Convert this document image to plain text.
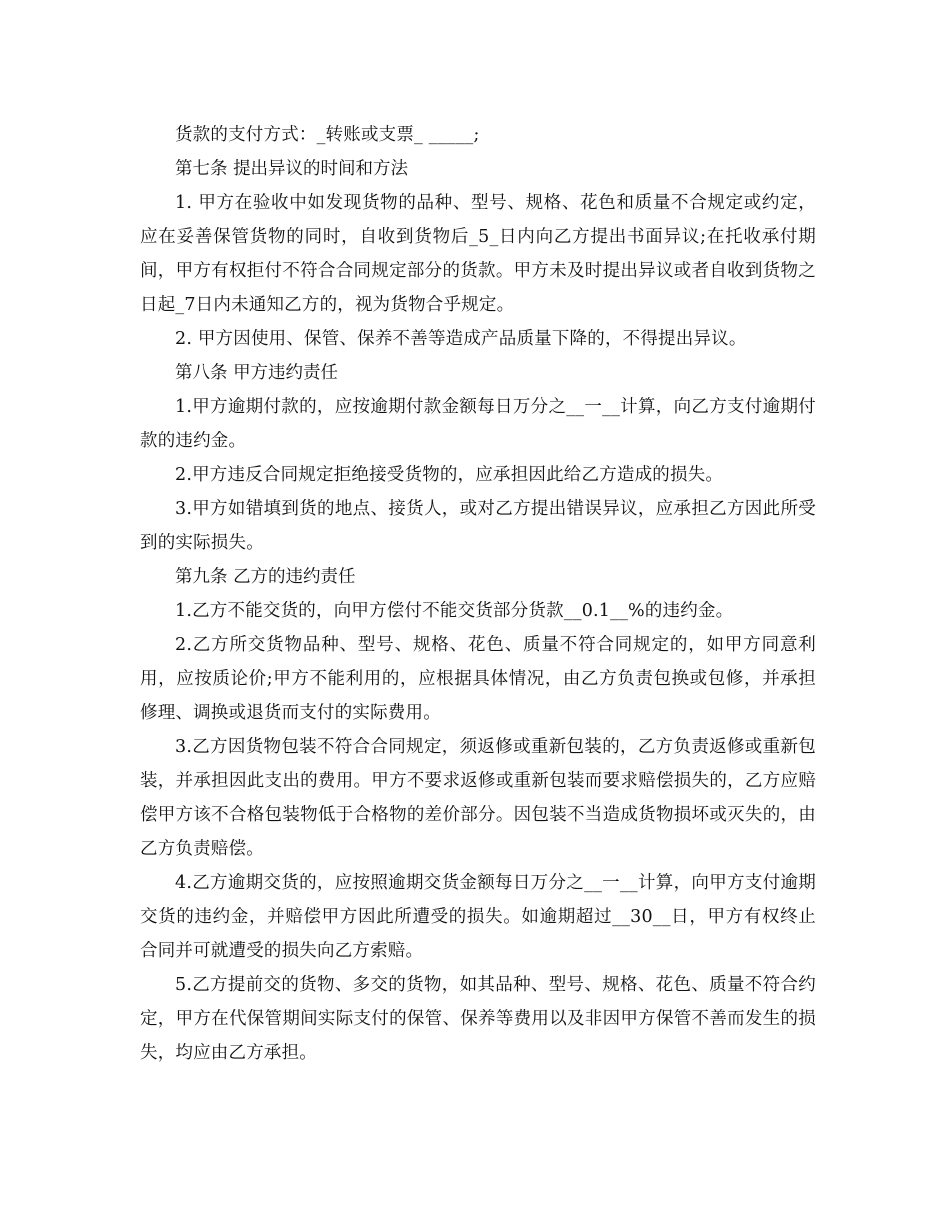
货款的支付方式：_转账或支票_ _____;

第七条 提出异议的时间和方法

1. 甲方在验收中如发现货物的品种、型号、规格、花色和质量不合规定或约定，应在妥善保管货物的同时，自收到货物后_5_日内向乙方提出书面异议;在托收承付期间，甲方有权拒付不符合合同规定部分的货款。甲方未及时提出异议或者自收到货物之日起_7日内未通知乙方的，视为货物合乎规定。

2. 甲方因使用、保管、保养不善等造成产品质量下降的，不得提出异议。

第八条 甲方违约责任

1.甲方逾期付款的，应按逾期付款金额每日万分之__一__计算，向乙方支付逾期付款的违约金。

2.甲方违反合同规定拒绝接受货物的，应承担因此给乙方造成的损失。

3.甲方如错填到货的地点、接货人，或对乙方提出错误异议，应承担乙方因此所受到的实际损失。

第九条 乙方的违约责任

1.乙方不能交货的，向甲方偿付不能交货部分货款__0.1__%的违约金。

2.乙方所交货物品种、型号、规格、花色、质量不符合同规定的，如甲方同意利用，应按质论价;甲方不能利用的，应根据具体情况，由乙方负责包换或包修，并承担修理、调换或退货而支付的实际费用。

3.乙方因货物包装不符合合同规定，须返修或重新包装的，乙方负责返修或重新包装，并承担因此支出的费用。甲方不要求返修或重新包装而要求赔偿损失的，乙方应赔偿甲方该不合格包装物低于合格物的差价部分。因包装不当造成货物损坏或灭失的，由乙方负责赔偿。

4.乙方逾期交货的，应按照逾期交货金额每日万分之__一__计算，向甲方支付逾期交货的违约金，并赔偿甲方因此所遭受的损失。如逾期超过__30__日，甲方有权终止合同并可就遭受的损失向乙方索赔。

5.乙方提前交的货物、多交的货物，如其品种、型号、规格、花色、质量不符合约定，甲方在代保管期间实际支付的保管、保养等费用以及非因甲方保管不善而发生的损失，均应由乙方承担。
